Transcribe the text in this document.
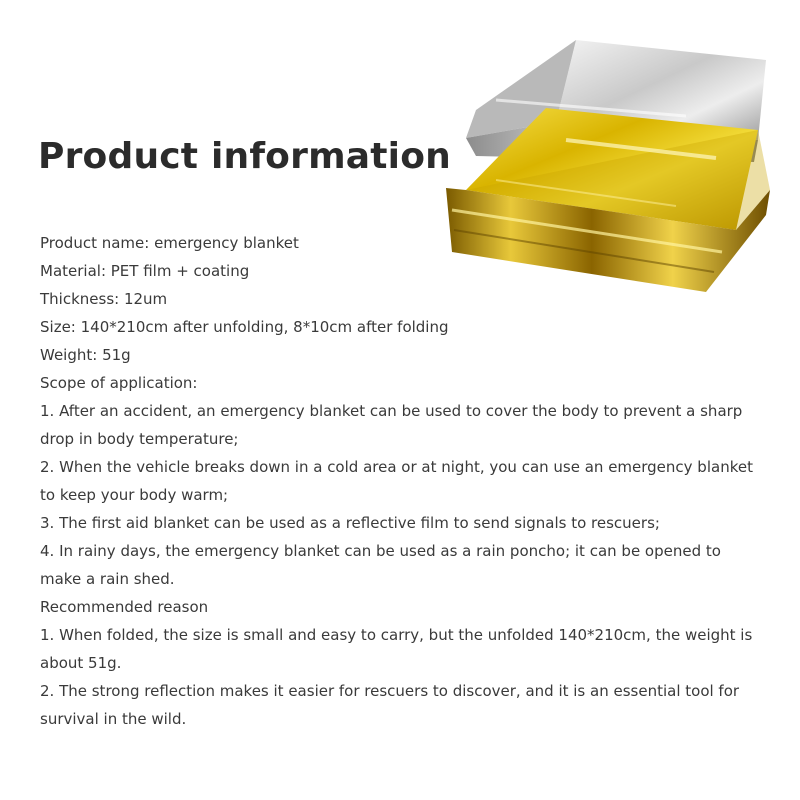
Product information
Product name: emergency blanket
Material: PET film + coating
Thickness: 12um
Size: 140*210cm after unfolding, 8*10cm after folding
Weight: 51g
Scope of application:
1. After an accident, an emergency blanket can be used to cover the body to prevent a sharp drop in body temperature;
2. When the vehicle breaks down in a cold area or at night, you can use an emergency blanket to keep your body warm;
3. The first aid blanket can be used as a reflective film to send signals to rescuers;
4. In rainy days, the emergency blanket can be used as a rain poncho; it can be opened to make a rain shed.
Recommended reason
1. When folded, the size is small and easy to carry, but the unfolded 140*210cm, the weight is about 51g.
2. The strong reflection makes it easier for rescuers to discover, and it is an essential tool for survival in the wild.
